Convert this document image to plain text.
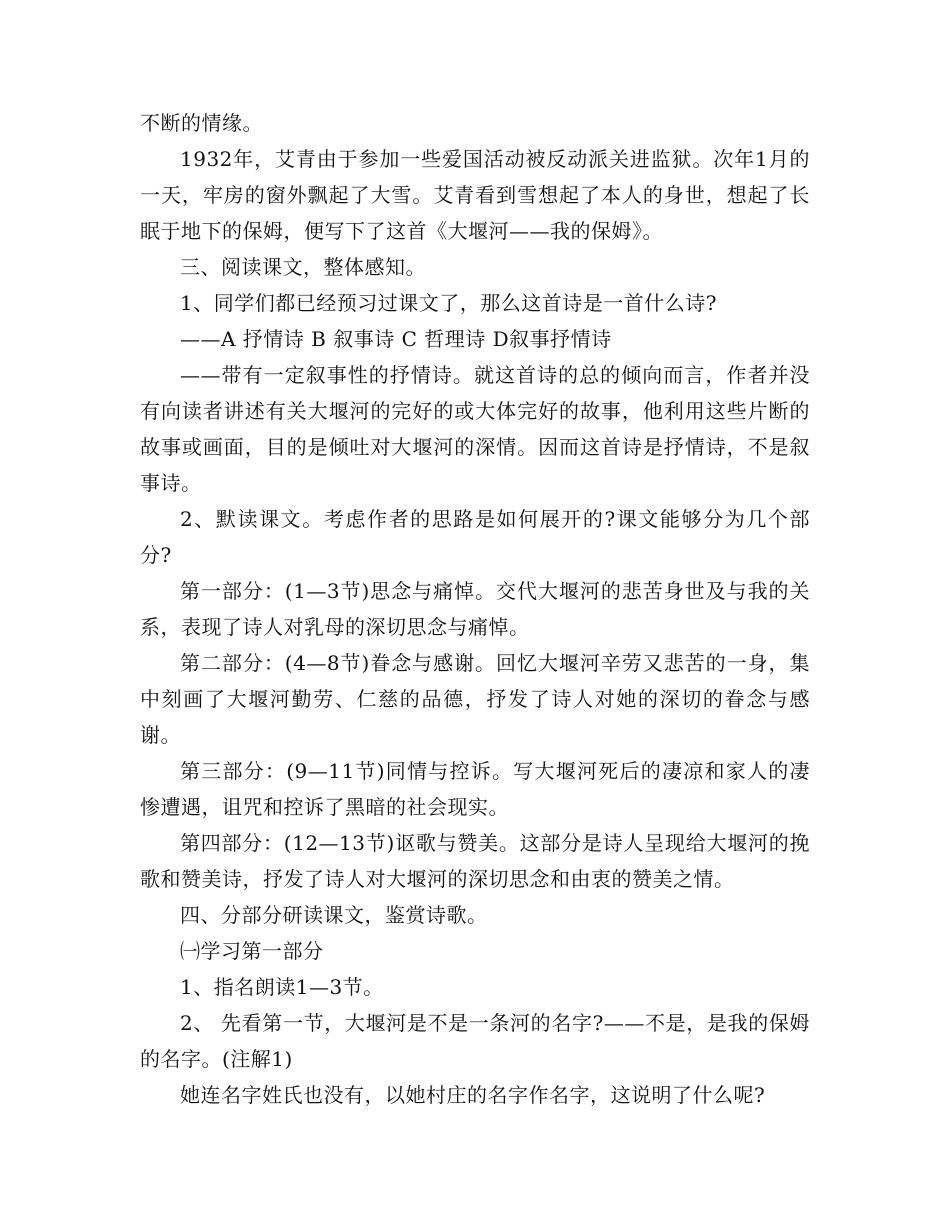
不断的情缘。

1932年，艾青由于参加一些爱国活动被反动派关进监狱。次年1月的一天，牢房的窗外飘起了大雪。艾青看到雪想起了本人的身世，想起了长眠于地下的保姆，便写下了这首《大堰河——我的保姆》。

三、阅读课文，整体感知。

1、同学们都已经预习过课文了，那么这首诗是一首什么诗?

——A 抒情诗 B 叙事诗 C 哲理诗 D叙事抒情诗

——带有一定叙事性的抒情诗。就这首诗的总的倾向而言，作者并没有向读者讲述有关大堰河的完好的或大体完好的故事，他利用这些片断的故事或画面，目的是倾吐对大堰河的深情。因而这首诗是抒情诗，不是叙事诗。

2、默读课文。考虑作者的思路是如何展开的?课文能够分为几个部分?

第一部分：(1—3节)思念与痛悼。交代大堰河的悲苦身世及与我的关系，表现了诗人对乳母的深切思念与痛悼。

第二部分：(4—8节)眷念与感谢。回忆大堰河辛劳又悲苦的一身，集中刻画了大堰河勤劳、仁慈的品德，抒发了诗人对她的深切的眷念与感谢。

第三部分：(9—11节)同情与控诉。写大堰河死后的凄凉和家人的凄惨遭遇，诅咒和控诉了黑暗的社会现实。

第四部分：(12—13节)讴歌与赞美。这部分是诗人呈现给大堰河的挽歌和赞美诗，抒发了诗人对大堰河的深切思念和由衷的赞美之情。

四、分部分研读课文，鉴赏诗歌。

㈠学习第一部分

1、指名朗读1—3节。

2、 先看第一节，大堰河是不是一条河的名字?——不是，是我的保姆的名字。(注解1)

她连名字姓氏也没有，以她村庄的名字作名字，这说明了什么呢?
